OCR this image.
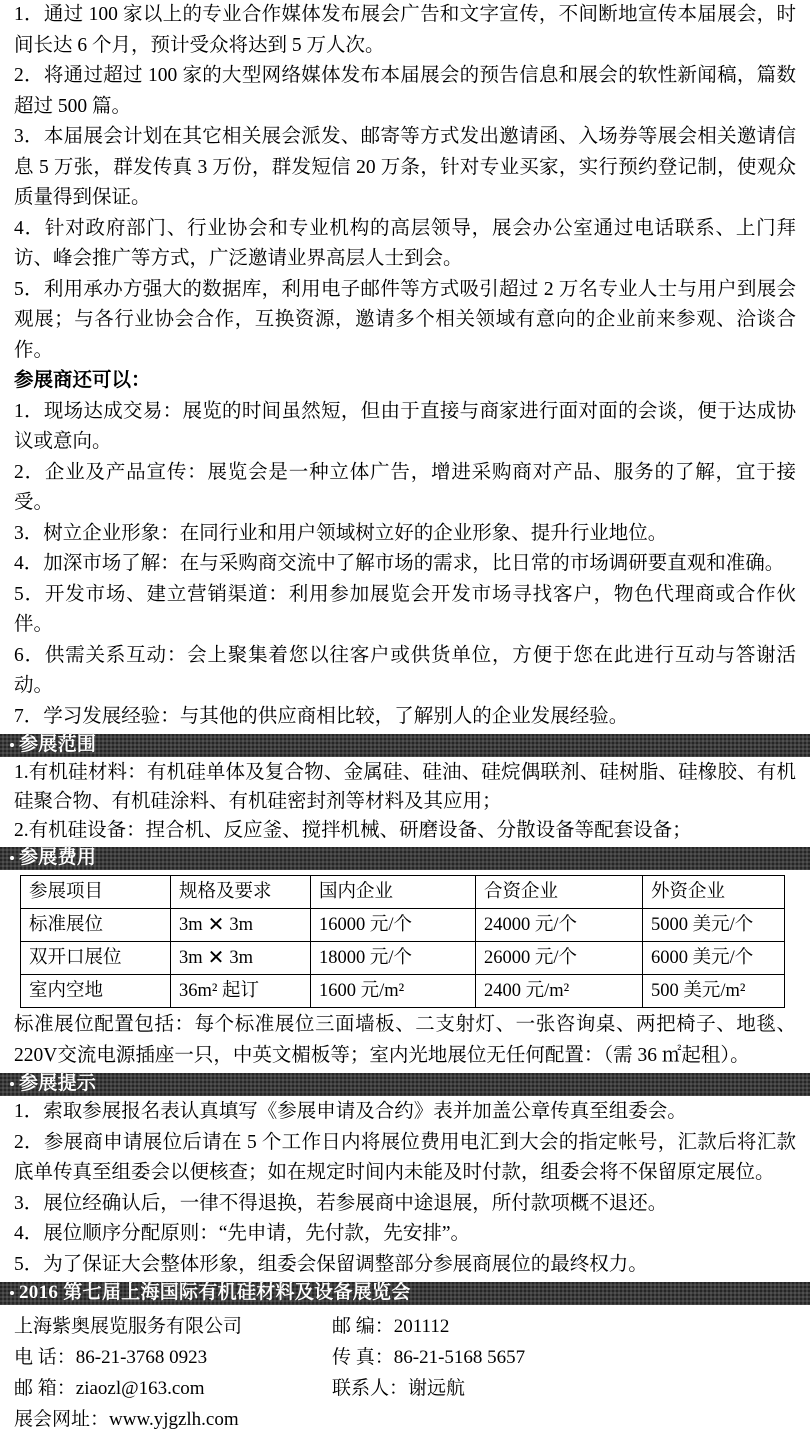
1．通过 100 家以上的专业合作媒体发布展会广告和文字宣传，不间断地宣传本届展会，时间长达 6 个月，预计受众将达到 5 万人次。

2．将通过超过 100 家的大型网络媒体发布本届展会的预告信息和展会的软性新闻稿，篇数超过 500 篇。

3．本届展会计划在其它相关展会派发、邮寄等方式发出邀请函、入场券等展会相关邀请信息 5 万张，群发传真 3 万份，群发短信 20 万条，针对专业买家，实行预约登记制，使观众质量得到保证。

4．针对政府部门、行业协会和专业机构的高层领导，展会办公室通过电话联系、上门拜访、峰会推广等方式，广泛邀请业界高层人士到会。

5．利用承办方强大的数据库，利用电子邮件等方式吸引超过 2 万名专业人士与用户到展会观展；与各行业协会合作，互换资源，邀请多个相关领域有意向的企业前来参观、洽谈合作。

参展商还可以：

1．现场达成交易：展览的时间虽然短，但由于直接与商家进行面对面的会谈，便于达成协议或意向。

2．企业及产品宣传：展览会是一种立体广告，增进采购商对产品、服务的了解，宜于接受。

3．树立企业形象：在同行业和用户领域树立好的企业形象、提升行业地位。

4．加深市场了解：在与采购商交流中了解市场的需求，比日常的市场调研要直观和准确。

5．开发市场、建立营销渠道：利用参加展览会开发市场寻找客户，物色代理商或合作伙伴。

6．供需关系互动：会上聚集着您以往客户或供货单位，方便于您在此进行互动与答谢活动。

7．学习发展经验：与其他的供应商相比较，了解别人的企业发展经验。

参展范围

1.有机硅材料：有机硅单体及复合物、金属硅、硅油、硅烷偶联剂、硅树脂、硅橡胶、有机硅聚合物、有机硅涂料、有机硅密封剂等材料及其应用；

2.有机硅设备：捏合机、反应釜、搅拌机械、研磨设备、分散设备等配套设备；

参展费用
参展项目	规格及要求	国内企业	合资企业	外资企业
标准展位	3m ✕ 3m	16000 元/个	24000 元/个	5000 美元/个
双开口展位	3m ✕ 3m	18000 元/个	26000 元/个	6000 美元/个
室内空地	36m² 起订	1600 元/m²	2400 元/m²	500 美元/m²

标准展位配置包括：每个标准展位三面墙板、二支射灯、一张咨询桌、两把椅子、地毯、220V交流电源插座一只，中英文楣板等；室内光地展位无任何配置：（需 36 ㎡起租）。

参展提示

1．索取参展报名表认真填写《参展申请及合约》表并加盖公章传真至组委会。

2．参展商申请展位后请在 5 个工作日内将展位费用电汇到大会的指定帐号，汇款后将汇款底单传真至组委会以便核查；如在规定时间内未能及时付款，组委会将不保留原定展位。

3．展位经确认后，一律不得退换，若参展商中途退展，所付款项概不退还。

4．展位顺序分配原则：“先申请，先付款，先安排”。

5．为了保证大会整体形象，组委会保留调整部分参展商展位的最终权力。

2016 第七届上海国际有机硅材料及设备展览会
上海紫奥展览服务有限公司	邮 编：201112
电 话：86-21-3768 0923	传 真：86-21-5168 5657
邮 箱：ziaozl@163.com	联系人：谢远航
展会网址：www.yjgzlh.com
